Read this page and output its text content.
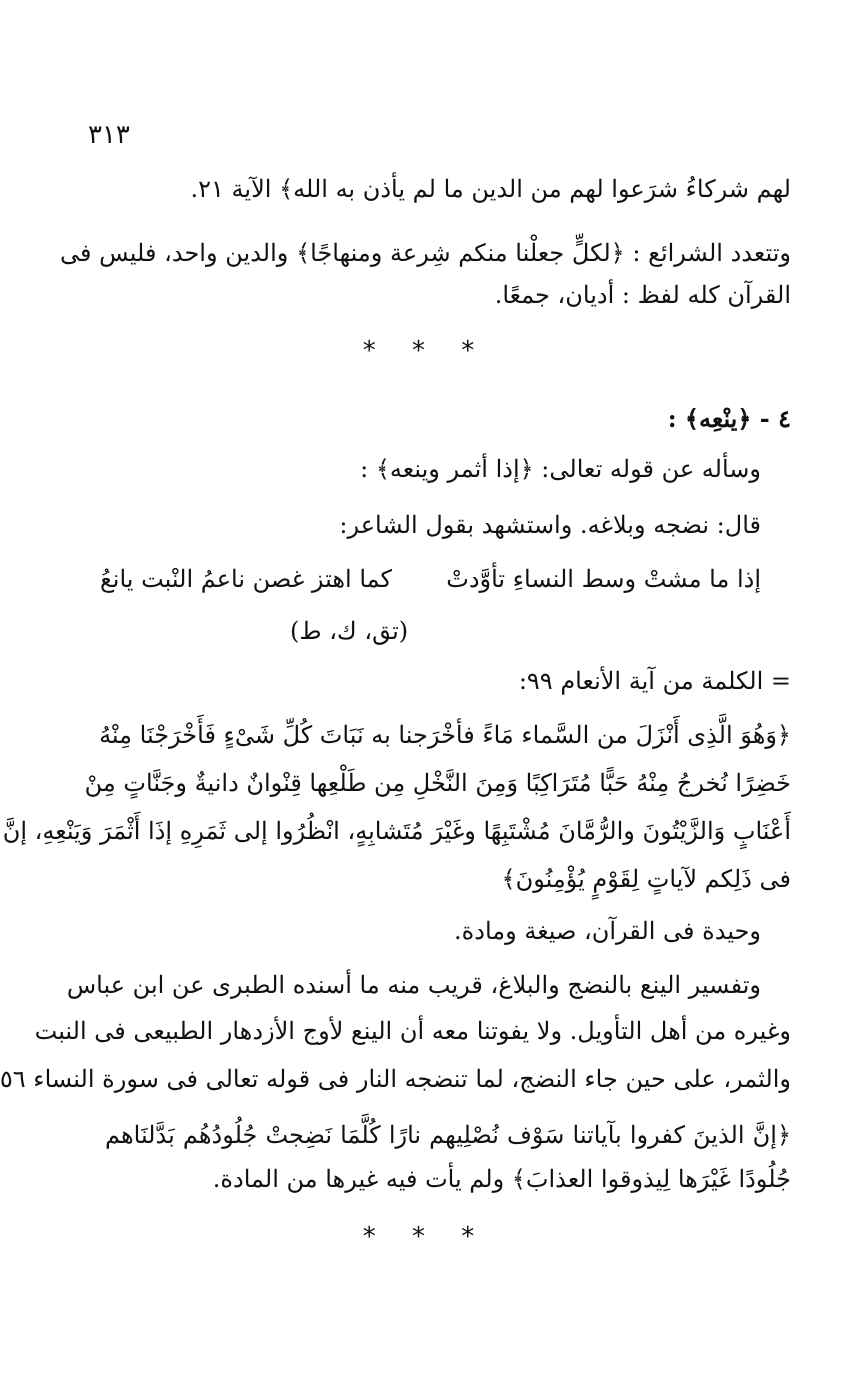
٣١٣
لهم شركاءُ شرَعوا لهم من الدين ما لم يأذن به الله﴾ الآية ٢١.
وتتعدد الشرائع : ﴿لكلٍّ جعلْنا منكم شِرعة ومنهاجًا﴾ والدين واحد، فليس فى
القرآن كله لفظ : أديان، جمعًا.
* * *
٤ - ﴿ينْعِه﴾ :
وسأله عن قوله تعالى: ﴿إذا أثمر وينعه﴾ :
قال: نضجه وبلاغه. واستشهد بقول الشاعر:
إذا ما مشتْ وسط النساءِ تأوَّدتْ
كما اهتز غصن ناعمُ النْبت يانعُ
(تق، ك، ط)
= الكلمة من آية الأنعام ٩٩:
﴿وَهُوَ الَّذِى أَنْزَلَ من السَّماء مَاءً فأخْرَجنا به نَبَاتَ كُلِّ شَىْءٍ فَأَخْرَجْنَا مِنْهُ
خَضِرًا نُخرجُ مِنْهُ حَبًّا مُتَرَاكِبًا وَمِنَ النَّخْلِ مِن طَلْعِها قِنْوانٌ دانيةٌ وجَنَّاتٍ مِنْ
أَعْنَابٍ وَالزَّيْتُونَ والرُّمَّانَ مُشْتَبِهًا وغَيْرَ مُتَشابِهٍ، انْظُرُوا إلى ثَمَرِهِ إذَا أَثْمَرَ وَيَنْعِهِ، إنَّ
فى ذَلِكم لآياتٍ لِقَوْمٍ يُؤْمِنُونَ﴾
وحيدة فى القرآن، صيغة ومادة.
وتفسير الينع بالنضج والبلاغ، قريب منه ما أسنده الطبرى عن ابن عباس
وغيره من أهل التأويل. ولا يفوتنا معه أن الينع لأوج الأزدهار الطبيعى فى النبت
والثمر، على حين جاء النضج، لما تنضجه النار فى قوله تعالى فى سورة النساء ٥٦
﴿إنَّ الذينَ كفروا بآياتنا سَوْف نُصْلِيهم نارًا كُلَّمَا نَضِجتْ جُلُودُهُم بَدَّلنَاهم
جُلُودًا غَيْرَها لِيذوقوا العذابَ﴾ ولم يأت فيه غيرها من المادة.
* * *
